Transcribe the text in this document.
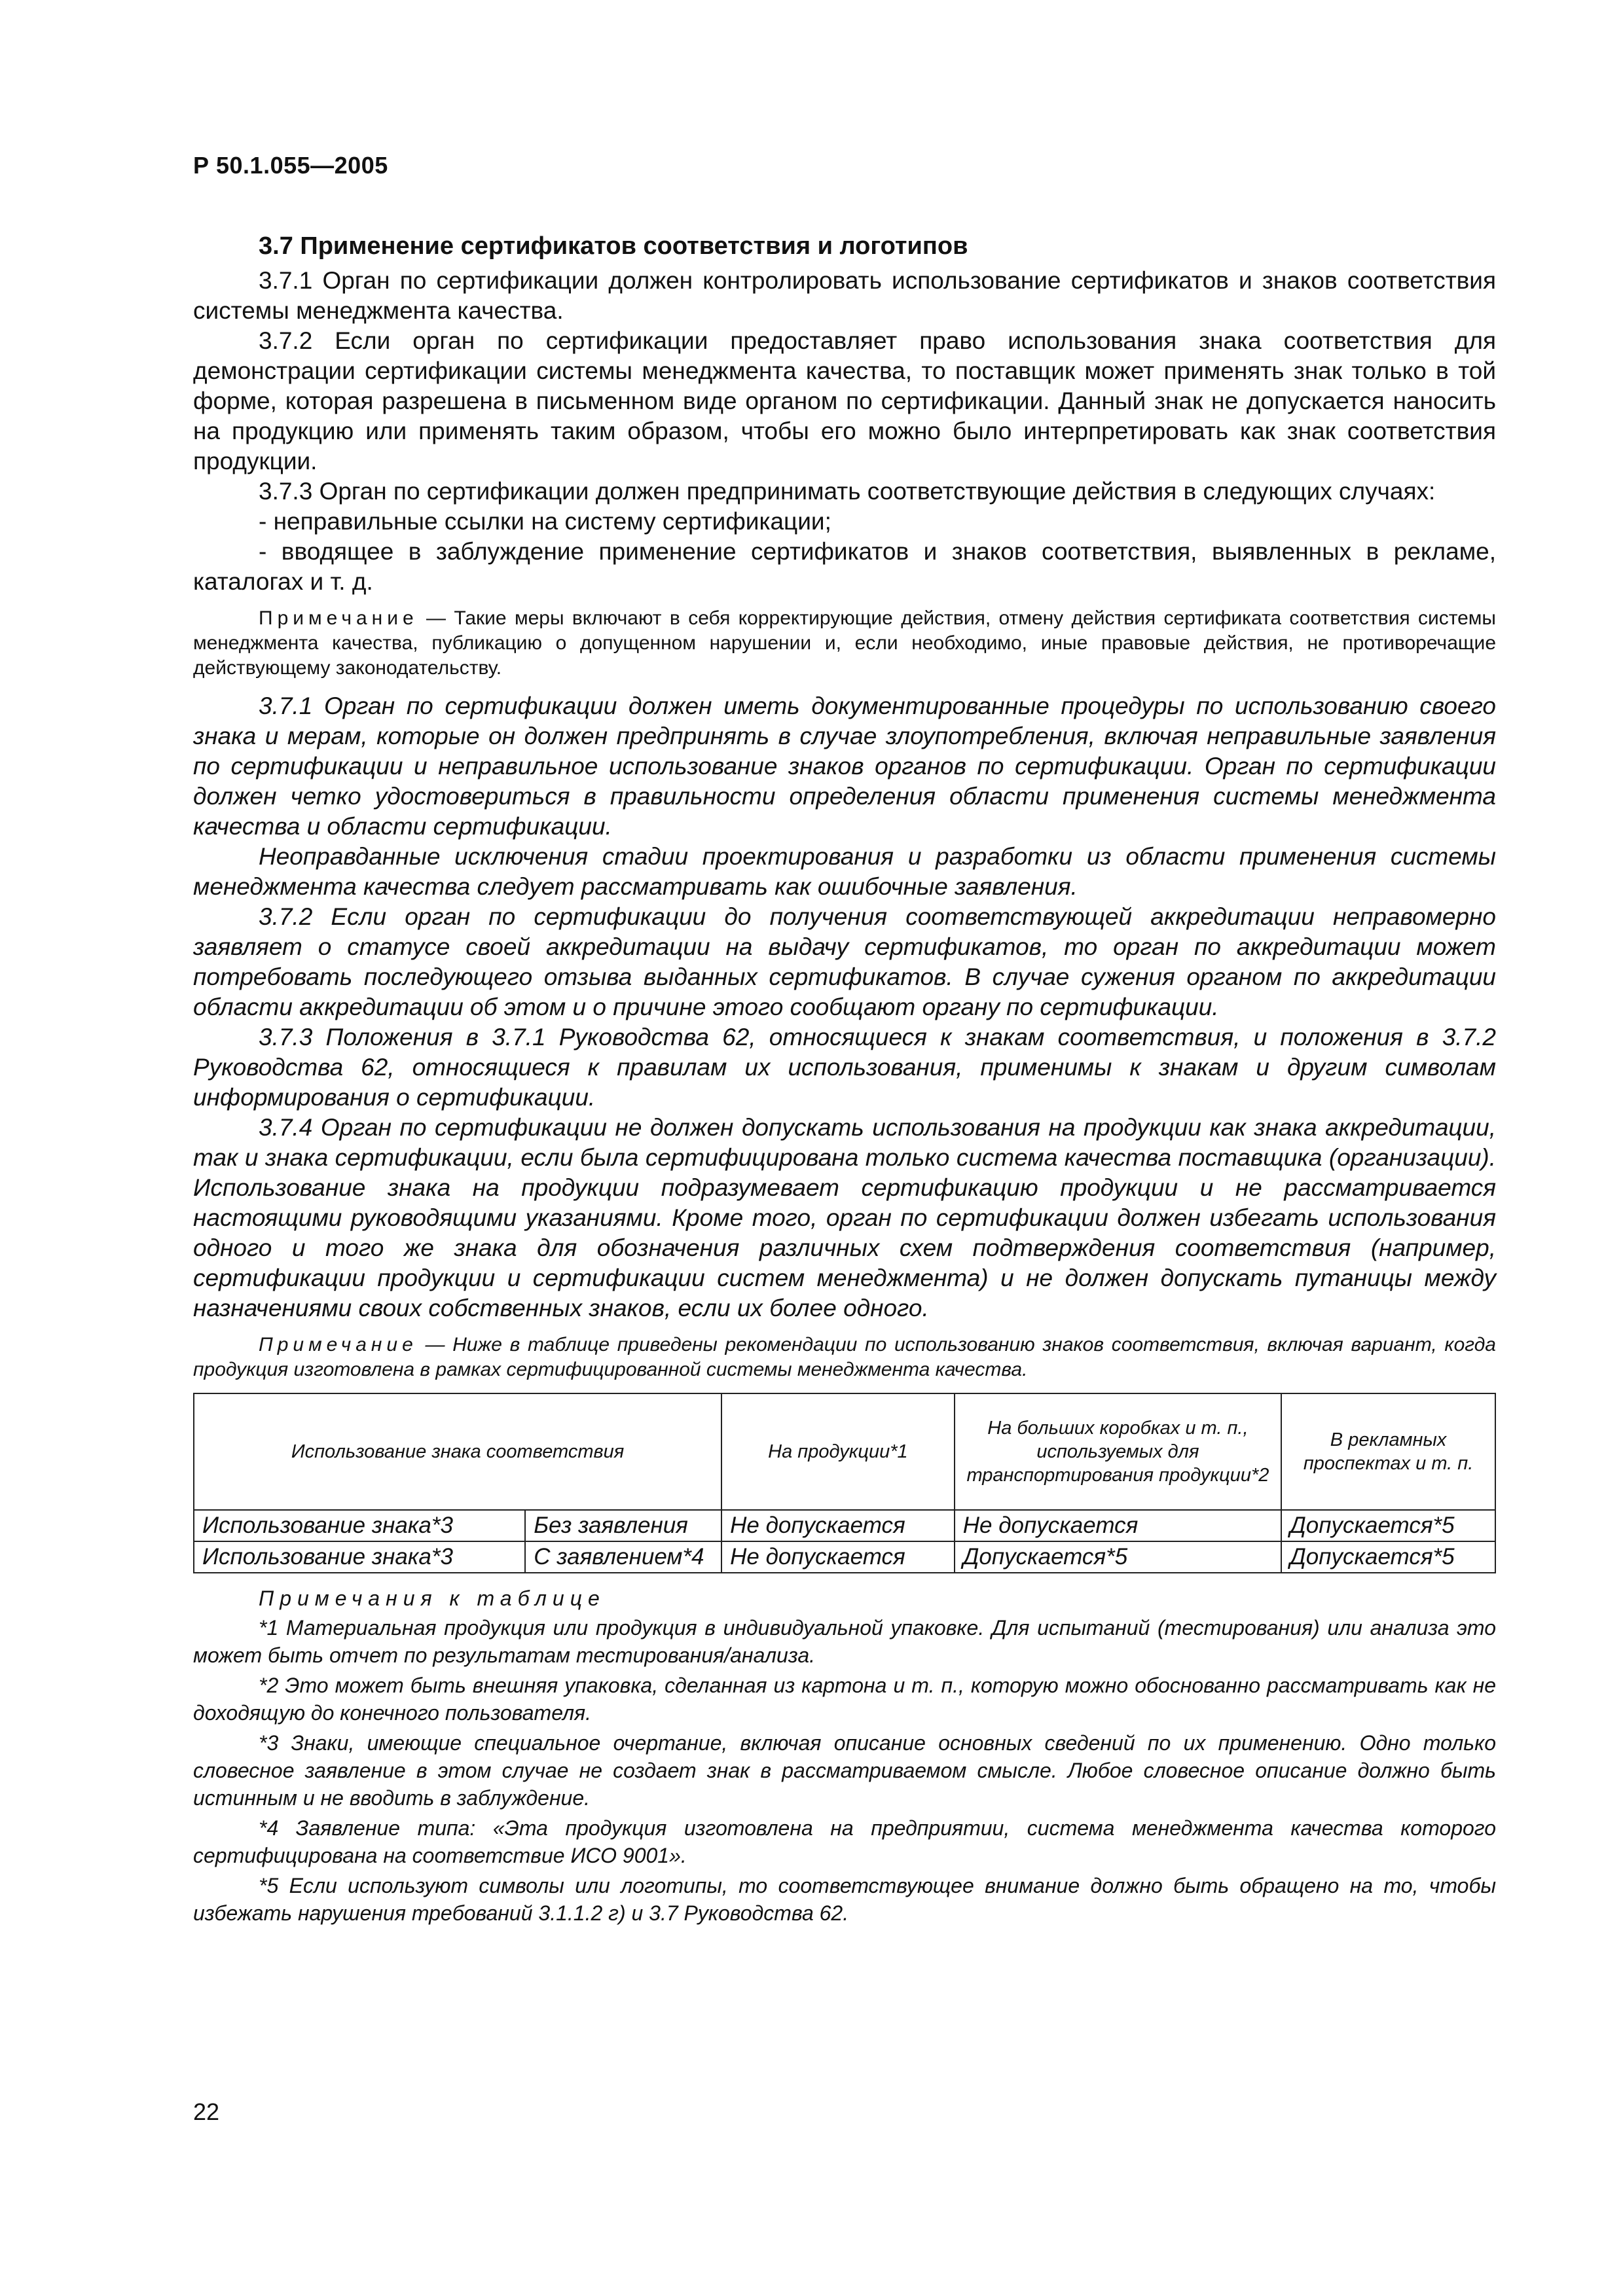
Р 50.1.055—2005
3.7 Применение сертификатов соответствия и логотипов

3.7.1 Орган по сертификации должен контролировать использование сертификатов и знаков соответствия системы менеджмента качества.

3.7.2 Если орган по сертификации предоставляет право использования знака соответствия для демонстрации сертификации системы менеджмента качества, то поставщик может применять знак только в той форме, которая разрешена в письменном виде органом по сертификации. Данный знак не допускается наносить на продукцию или применять таким образом, чтобы его можно было интерпретировать как знак соответствия продукции.

3.7.3 Орган по сертификации должен предпринимать соответствующие действия в следующих случаях:

- неправильные ссылки на систему сертификации;

- вводящее в заблуждение применение сертификатов и знаков соответствия, выявленных в рекламе, каталогах и т. д.

Примечание — Такие меры включают в себя корректирующие действия, отмену действия сертификата соответствия системы менеджмента качества, публикацию о допущенном нарушении и, если необходимо, иные правовые действия, не противоречащие действующему законодательству.

3.7.1 Орган по сертификации должен иметь документированные процедуры по использованию своего знака и мерам, которые он должен предпринять в случае злоупотребления, включая неправильные заявления по сертификации и неправильное использование знаков органов по сертификации. Орган по сертификации должен четко удостовериться в правильности определения области применения системы менеджмента качества и области сертификации.

Неоправданные исключения стадии проектирования и разработки из области применения системы менеджмента качества следует рассматривать как ошибочные заявления.

3.7.2 Если орган по сертификации до получения соответствующей аккредитации неправомерно заявляет о статусе своей аккредитации на выдачу сертификатов, то орган по аккредитации может потребовать последующего отзыва выданных сертификатов. В случае сужения органом по аккредитации области аккредитации об этом и о причине этого сообщают органу по сертификации.

3.7.3 Положения в 3.7.1 Руководства 62, относящиеся к знакам соответствия, и положения в 3.7.2 Руководства 62, относящиеся к правилам их использования, применимы к знакам и другим символам информирования о сертификации.

3.7.4 Орган по сертификации не должен допускать использования на продукции как знака аккредитации, так и знака сертификации, если была сертифицирована только система качества поставщика (организации). Использование знака на продукции подразумевает сертификацию продукции и не рассматривается настоящими руководящими указаниями. Кроме того, орган по сертификации должен избегать использования одного и того же знака для обозначения различных схем подтверждения соответствия (например, сертификации продукции и сертификации систем менеджмента) и не должен допускать путаницы между назначениями своих собственных знаков, если их более одного.

Примечание — Ниже в таблице приведены рекомендации по использованию знаков соответствия, включая вариант, когда продукция изготовлена в рамках сертифицированной системы менеджмента качества.

Использование знака соответствия		На продукции*1	На больших коробках и т. п., используемых для транспортирования продукции*2	В рекламных проспектах и т. п.
Использование знака*3	Без заявления	Не допускается	Не допускается	Допускается*5
Использование знака*3	С заявлением*4	Не допускается	Допускается*5	Допускается*5
Примечания к таблице

*1 Материальная продукция или продукция в индивидуальной упаковке. Для испытаний (тестирования) или анализа это может быть отчет по результатам тестирования/анализа.

*2 Это может быть внешняя упаковка, сделанная из картона и т. п., которую можно обоснованно рассматривать как не доходящую до конечного пользователя.

*3 Знаки, имеющие специальное очертание, включая описание основных сведений по их применению. Одно только словесное заявление в этом случае не создает знак в рассматриваемом смысле. Любое словесное описание должно быть истинным и не вводить в заблуждение.

*4 Заявление типа: «Эта продукция изготовлена на предприятии, система менеджмента качества которого сертифицирована на соответствие ИСО 9001».

*5 Если используют символы или логотипы, то соответствующее внимание должно быть обращено на то, чтобы избежать нарушения требований 3.1.1.2 г) и 3.7 Руководства 62.

22
